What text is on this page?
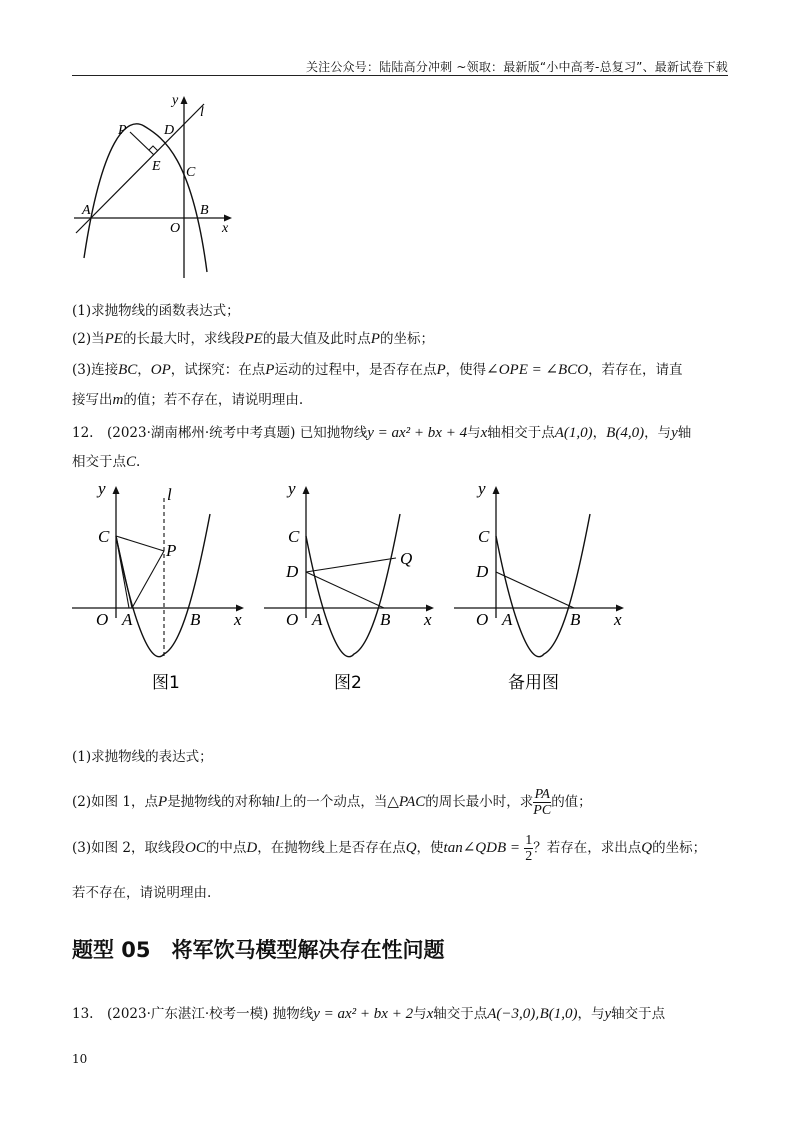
关注公众号：陆陆高分冲刺 ~领取：最新版“小中高考-总复习”、最新试卷下载
y
l
P	D
E C
A
O
B
x
(1)求抛物线的函数表达式；
(2)当PE的长最大时，求线段PE的最大值及此时点P的坐标；
(3)连接BC，OP，试探究：在点P运动的过程中，是否存在点P，使得∠OPE = ∠BCO，若存在，请直
接写出m的值；若不存在，请说明理由.
12.　(2023·湖南郴州·统考中考真题) 已知抛物线y = ax² + bx + 4与x轴相交于点A(1,0)，B(4,0)，与y轴
相交于点C.
y	l
C
P
O A	B x
图1
y
C
D
Q
O A	B x
图2
y
C
D
O A	B x
备用图
(1)求抛物线的表达式；
(2)如图 1，点P是抛物线的对称轴l上的一个动点，当△PAC的周长最小时，求 $\frac{PA}{PC}$ 的值；
(3)如图 2，取线段OC的中点D，在抛物线上是否存在点Q，使tan∠QDB = $\frac{1}{2}$ ？若存在，求出点Q的坐标；
若不存在，请说明理由.
题型 05　将军饮马模型解决存在性问题
13.　(2023·广东湛江·校考一模) 抛物线y = ax² + bx + 2与x轴交于点A(−3,0),B(1,0)，与y轴交于点
10
